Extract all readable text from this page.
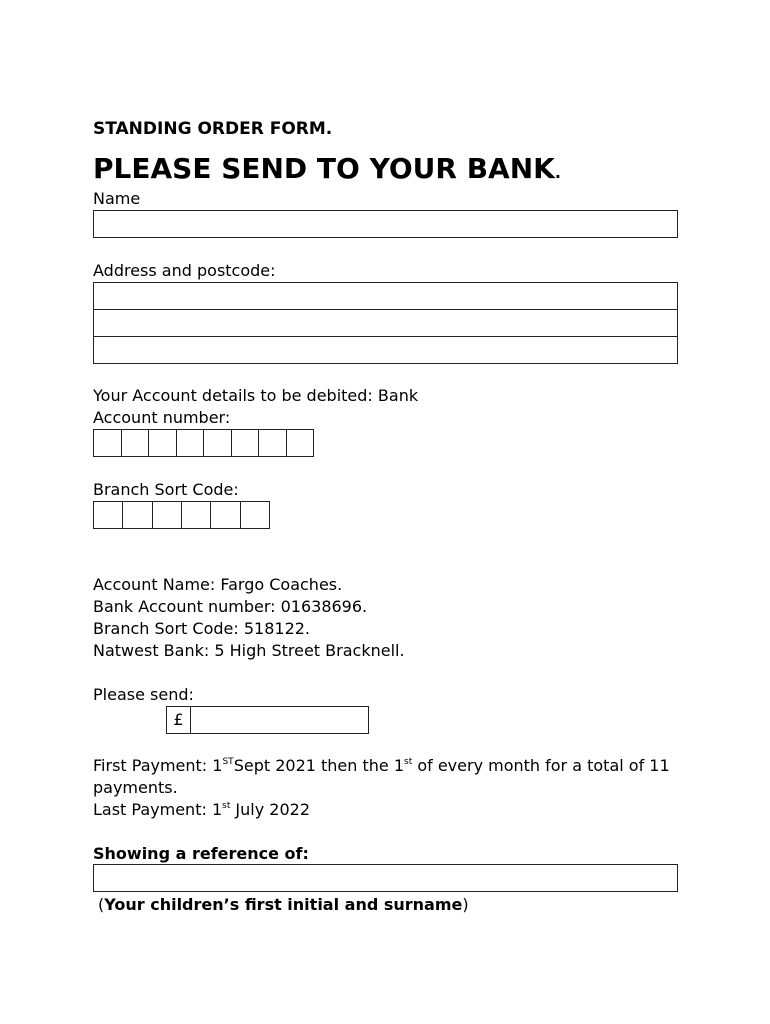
STANDING ORDER FORM.
PLEASE SEND TO YOUR BANK.
Name
Address and postcode:
Your Account details to be debited: Bank
Account number:
Branch Sort Code:
Account Name: Fargo Coaches.
Bank Account number: 01638696.
Branch Sort Code: 518122.
Natwest Bank: 5 High Street Bracknell.
Please send:
£
First Payment: 1STSept 2021 then the 1st of every month for a total of 11
payments.
Last Payment: 1st July 2022
Showing a reference of:
(Your children’s first initial and surname)
